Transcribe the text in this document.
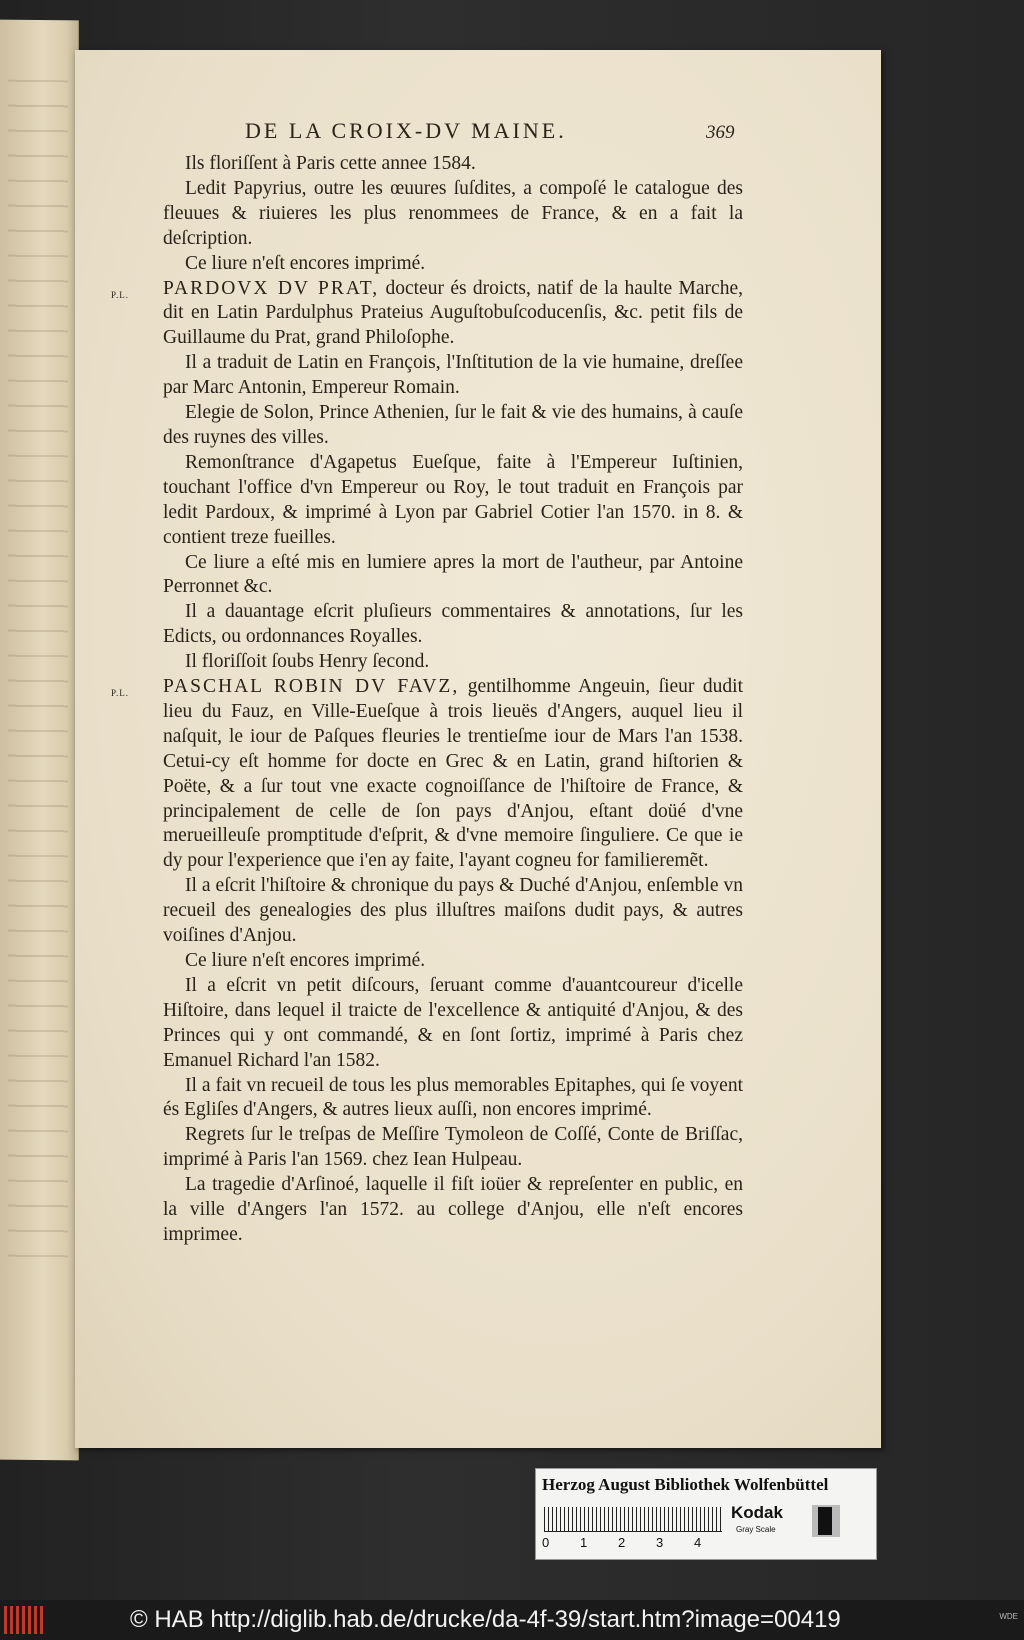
DE LA CROIX-DV MAINE.	369

Ils floriſſent à Paris cette annee 1584.

Ledit Papyrius, outre les œuures ſuſdites, a compoſé le catalogue des fleuues & riuieres les plus renommees de France, & en a fait la deſcription.

Ce liure n'eſt encores imprimé.

P.L. PARDOVX DV PRAT, docteur és droicts, natif de la haulte Marche, dit en Latin Pardulphus Prateius Auguſtobuſcoducenſis, &c. petit fils de Guillaume du Prat, grand Philoſophe.

Il a traduit de Latin en François, l'Inſtitution de la vie humaine, dreſſee par Marc Antonin, Empereur Romain.

Elegie de Solon, Prince Athenien, ſur le fait & vie des humains, à cauſe des ruynes des villes.

Remonſtrance d'Agapetus Eueſque, faite à l'Empereur Iuſtinien, touchant l'office d'vn Empereur ou Roy, le tout traduit en François par ledit Pardoux, & imprimé à Lyon par Gabriel Cotier l'an 1570. in 8. & contient treze fueilles.

Ce liure a eſté mis en lumiere apres la mort de l'autheur, par Antoine Perronnet &c.

Il a dauantage eſcrit pluſieurs commentaires & annotations, ſur les Edicts, ou ordonnances Royalles.

Il floriſſoit ſoubs Henry ſecond.

P.L. PASCHAL ROBIN DV FAVZ, gentilhomme Angeuin, ſieur dudit lieu du Fauz, en Ville-Eueſque à trois lieuës d'Angers, auquel lieu il naſquit, le iour de Paſques fleuries le trentieſme iour de Mars l'an 1538. Cetui-cy eſt homme for docte en Grec & en Latin, grand hiſtorien & Poëte, & a ſur tout vne exacte cognoiſſance de l'hiſtoire de France, & principalement de celle de ſon pays d'Anjou, eſtant doüé d'vne merueilleuſe promptitude d'eſprit, & d'vne memoire ſinguliere. Ce que ie dy pour l'experience que i'en ay faite, l'ayant cogneu for familieremẽt.

Il a eſcrit l'hiſtoire & chronique du pays & Duché d'Anjou, enſemble vn recueil des genealogies des plus illuſtres maiſons dudit pays, & autres voiſines d'Anjou.

Ce liure n'eſt encores imprimé.

Il a eſcrit vn petit diſcours, ſeruant comme d'auantcoureur d'icelle Hiſtoire, dans lequel il traicte de l'excellence & antiquité d'Anjou, & des Princes qui y ont commandé, & en ſont ſortiz, imprimé à Paris chez Emanuel Richard l'an 1582.

Il a fait vn recueil de tous les plus memorables Epitaphes, qui ſe voyent és Egliſes d'Angers, & autres lieux auſſi, non encores imprimé.

Regrets ſur le treſpas de Meſſire Tymoleon de Coſſé, Conte de Briſſac, imprimé à Paris l'an 1569. chez Iean Hulpeau.

La tragedie d'Arſinoé, laquelle il fiſt ioüer & repreſenter en public, en la ville d'Angers l'an 1572. au college d'Anjou, elle n'eſt encores imprimee.

Herzog August Bibliothek Wolfenbüttel
0	1	2	3	4
Kodak
Gray Scale
© HAB http://diglib.hab.de/drucke/da-4f-39/start.htm?image=00419	WDE
